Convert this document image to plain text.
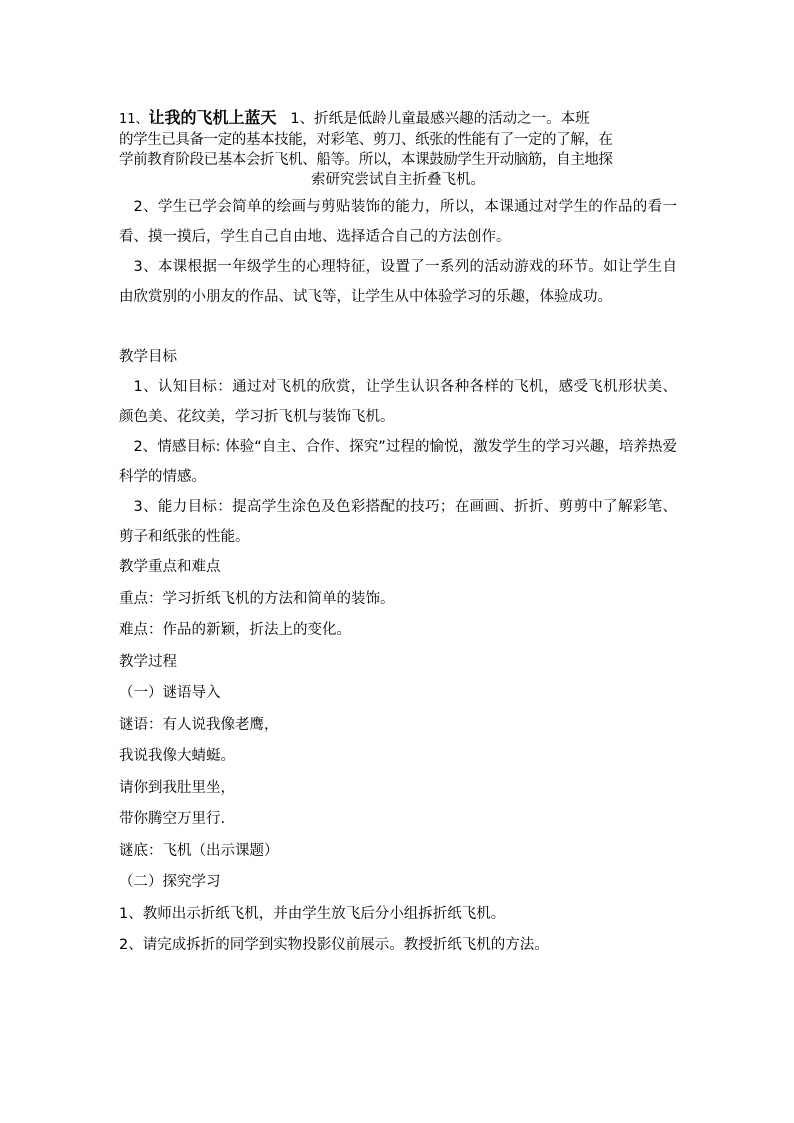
11、让我的飞机上蓝天 1、折纸是低龄儿童最感兴趣的活动之一。本班

的学生已具备一定的基本技能，对彩笔、剪刀、纸张的性能有了一定的了解，在

学前教育阶段已基本会折飞机、船等。所以，本课鼓励学生开动脑筋，自主地探

索研究尝试自主折叠飞机。

2、学生已学会简单的绘画与剪贴装饰的能力，所以，本课通过对学生的作品的看一看、摸一摸后，学生自己自由地、选择适合自己的方法创作。

3、本课根据一年级学生的心理特征，设置了一系列的活动游戏的环节。如让学生自由欣赏别的小朋友的作品、试飞等，让学生从中体验学习的乐趣，体验成功。

教学目标

1、认知目标：通过对飞机的欣赏，让学生认识各种各样的飞机，感受飞机形状美、颜色美、花纹美，学习折飞机与装饰飞机。

2、情感目标: 体验“自主、合作、探究”过程的愉悦，激发学生的学习兴趣，培养热爱科学的情感。

3、能力目标：提高学生涂色及色彩搭配的技巧；在画画、折折、剪剪中了解彩笔、剪子和纸张的性能。

教学重点和难点

重点：学习折纸飞机的方法和简单的装饰。

难点：作品的新颖，折法上的变化。

教学过程

（一）谜语导入

谜语：有人说我像老鹰，

我说我像大蜻蜓。

请你到我肚里坐，

带你腾空万里行.

谜底：飞机（出示课题）

（二）探究学习

1、教师出示折纸飞机，并由学生放飞后分小组拆折纸飞机。

2、请完成拆折的同学到实物投影仪前展示。教授折纸飞机的方法。
